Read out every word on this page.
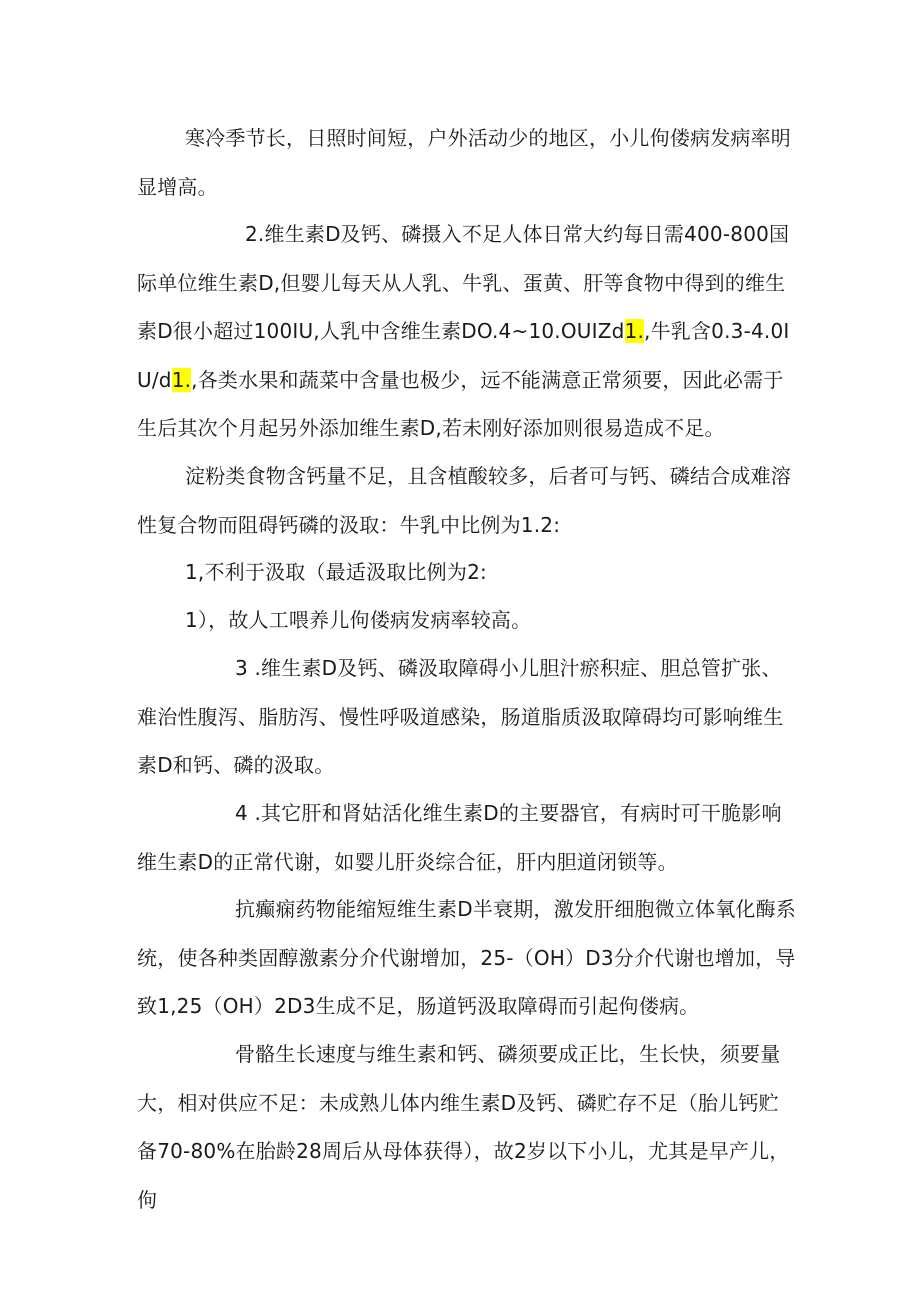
寒冷季节长，日照时间短，户外活动少的地区，小儿佝偻病发病率明显增高。

2.维生素D及钙、磷摄入不足人体日常大约每日需400-800国际单位维生素D,但婴儿每天从人乳、牛乳、蛋黄、肝等食物中得到的维生素D很小超过100IU,人乳中含维生素DO.4~10.OUIZd1.,牛乳含0.3-4.0IU/d1.,各类水果和蔬菜中含量也极少，远不能满意正常须要，因此必需于生后其次个月起另外添加维生素D,若未刚好添加则很易造成不足。

淀粉类食物含钙量不足，且含植酸较多，后者可与钙、磷结合成难溶性复合物而阻碍钙磷的汲取：牛乳中比例为1.2:

1,不利于汲取（最适汲取比例为2:

1），故人工喂养儿佝偻病发病率较高。

3 .维生素D及钙、磷汲取障碍小儿胆汁瘀积症、胆总管扩张、难治性腹泻、脂肪泻、慢性呼吸道感染，肠道脂质汲取障碍均可影响维生素D和钙、磷的汲取。

4 .其它肝和肾姑活化维生素D的主要器官，有病时可干脆影响维生素D的正常代谢，如婴儿肝炎综合征，肝内胆道闭锁等。

抗癫痫药物能缩短维生素D半衰期，激发肝细胞微立体氧化酶系统，使各种类固醇激素分介代谢增加，25-（OH）D3分介代谢也增加，导致1,25（OH）2D3生成不足，肠道钙汲取障碍而引起佝偻病。

骨骼生长速度与维生素和钙、磷须要成正比，生长快，须要量大，相对供应不足：未成熟儿体内维生素D及钙、磷贮存不足（胎儿钙贮备70-80%在胎龄28周后从母体获得），故2岁以下小儿，尤其是早产儿，佝
